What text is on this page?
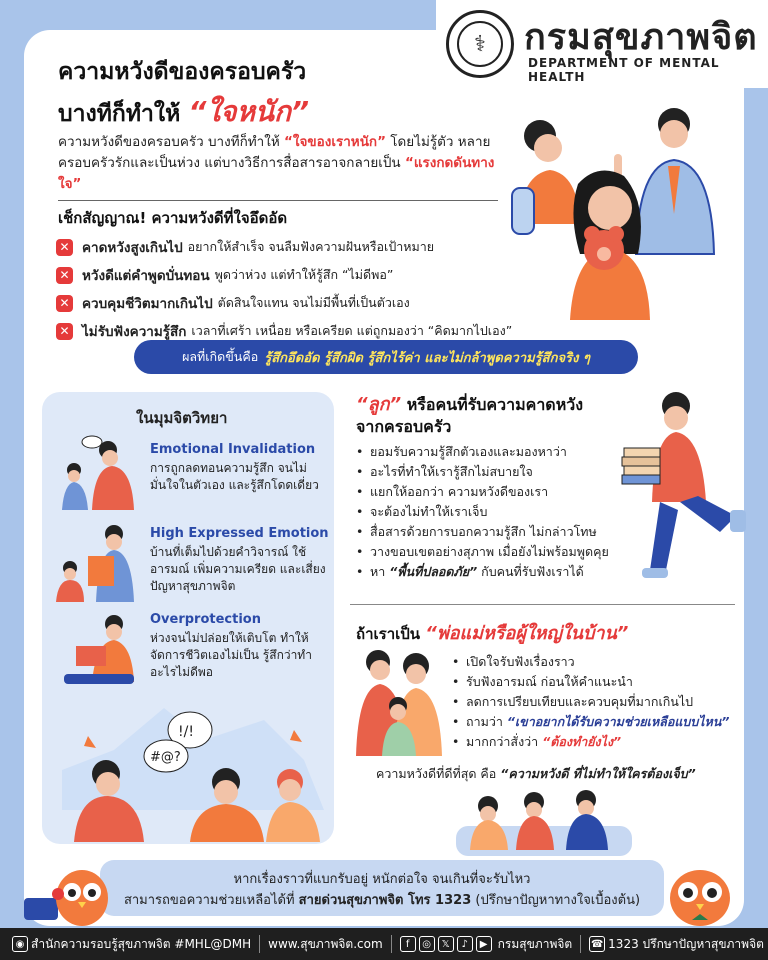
⚕	กรมสุขภาพจิต
DEPARTMENT OF MENTAL HEALTH
ความหวังดีของครอบครัว
บางทีก็ทำให้ “ใจหนัก”
ความหวังดีของครอบครัว บางทีก็ทำให้ “ใจของเราหนัก” โดยไม่รู้ตัว หลายครอบครัวรักและเป็นห่วง แต่บางวิธีการสื่อสารอาจกลายเป็น “แรงกดดันทางใจ”
เช็กสัญญาณ! ความหวังดีที่ใจอึดอัด
✕ คาดหวังสูงเกินไป อยากให้สำเร็จ จนลืมฟังความฝันหรือเป้าหมาย
✕ หวังดีแต่คำพูดบั่นทอน พูดว่าห่วง แต่ทำให้รู้สึก “ไม่ดีพอ”
✕ ควบคุมชีวิตมากเกินไป ตัดสินใจแทน จนไม่มีพื้นที่เป็นตัวเอง
✕ ไม่รับฟังความรู้สึก เวลาที่เศร้า เหนื่อย หรือเครียด แต่ถูกมองว่า “คิดมากไปเอง”
ผลที่เกิดขึ้นคือ รู้สึกอึดอัด รู้สึกผิด รู้สึกไร้ค่า และไม่กล้าพูดความรู้สึกจริง ๆ
ในมุมจิตวิทยา
Emotional Invalidation
การถูกลดทอนความรู้สึก จนไม่มั่นใจในตัวเอง และรู้สึกโดดเดี่ยว
High Expressed Emotion
บ้านที่เต็มไปด้วยคำวิจารณ์ ใช้อารมณ์ เพิ่มความเครียด และเสี่ยงปัญหาสุขภาพจิต
Overprotection
ห่วงจนไม่ปล่อยให้เติบโต ทำให้จัดการชีวิตเองไม่เป็น รู้สึกว่าทำอะไรไม่ดีพอ
!/!
#@?
“ลูก” หรือคนที่รับความคาดหวัง
จากครอบครัว
• ยอมรับความรู้สึกตัวเองและมองหาว่า
• อะไรที่ทำให้เรารู้สึกไม่สบายใจ
• แยกให้ออกว่า ความหวังดีของเรา
• จะต้องไม่ทำให้เราเจ็บ
• สื่อสารด้วยการบอกความรู้สึก ไม่กล่าวโทษ
• วางขอบเขตอย่างสุภาพ เมื่อยังไม่พร้อมพูดคุย
• หา “พื้นที่ปลอดภัย” กับคนที่รับฟังเราได้
ถ้าเราเป็น “พ่อแม่หรือผู้ใหญ่ในบ้าน”
• เปิดใจรับฟังเรื่องราว
• รับฟังอารมณ์ ก่อนให้คำแนะนำ
• ลดการเปรียบเทียบและควบคุมที่มากเกินไป
• ถามว่า “เขาอยากได้รับความช่วยเหลือแบบไหน”
• มากกว่าสั่งว่า “ต้องทำยังไง”
ความหวังดีที่ดีที่สุด คือ “ความหวังดี ที่ไม่ทำให้ใครต้องเจ็บ”
หากเรื่องราวที่แบกรับอยู่ หนักต่อใจ จนเกินที่จะรับไหว
สามารถขอความช่วยเหลือได้ที่ สายด่วนสุขภาพจิต โทร 1323 (ปรึกษาปัญหาทางใจเบื้องต้น)
◉ สำนักความรอบรู้สุขภาพจิต #MHL@DMH www.สุขภาพจิต.com	f	◎	𝕏	♪	▶ กรมสุขภาพจิต ☎ 1323 ปรึกษาปัญหาสุขภาพจิต
